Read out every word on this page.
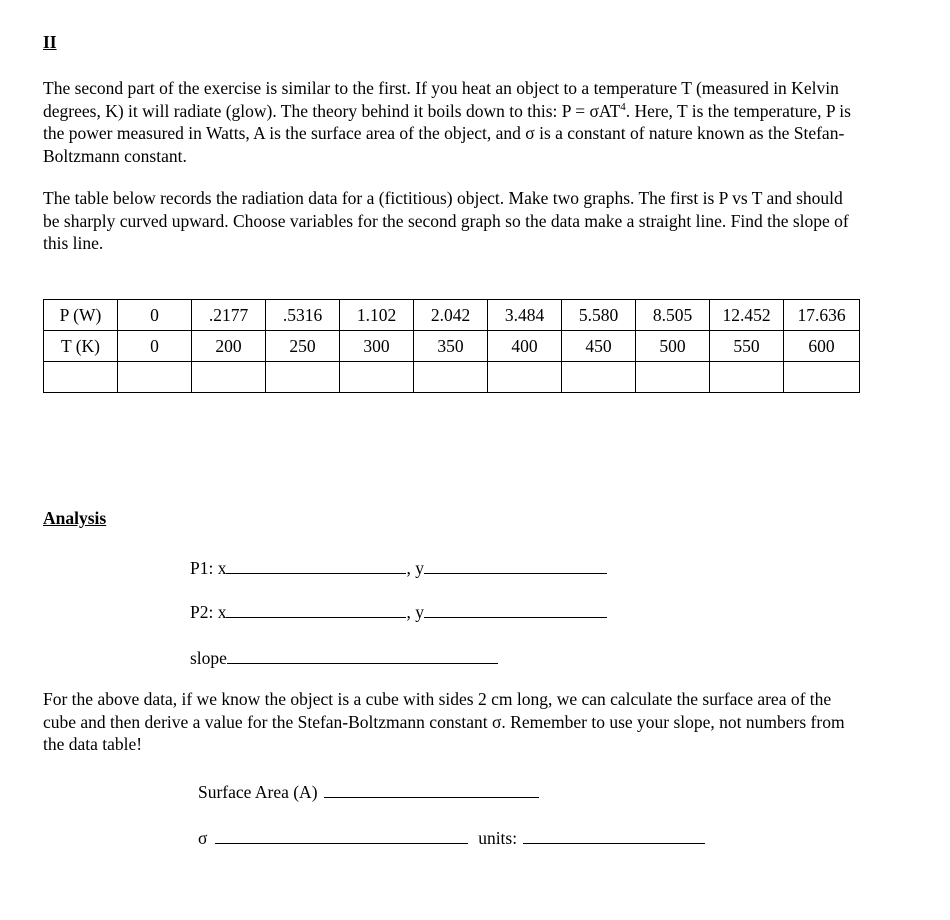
II

The second part of the exercise is similar to the first. If you heat an object to a temperature T (measured in Kelvin degrees, K) it will radiate (glow). The theory behind it boils down to this: P = σAT$^4$. Here, T is the temperature, P is the power measured in Watts, A is the surface area of the object, and σ is a constant of nature known as the Stefan-Boltzmann constant.

The table below records the radiation data for a (fictitious) object. Make two graphs. The first is P vs T and should be sharply curved upward. Choose variables for the second graph so the data make a straight line. Find the slope of this line.

P (W)	0	.2177	.5316	1.102	2.042	3.484	5.580	8.505	12.452	17.636
T (K)	0	200	250	300	350	400	450	500	550	600

Analysis
P1: x	, y
P2: x	, y
slope

For the above data, if we know the object is a cube with sides 2 cm long, we can calculate the surface area of the cube and then derive a value for the Stefan-Boltzmann constant σ. Remember to use your slope, not numbers from the data table!

Surface Area (A)
σ	units:
